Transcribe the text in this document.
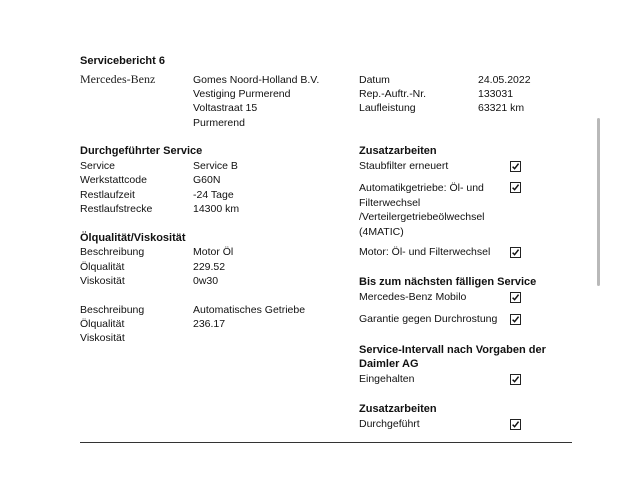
Servicebericht 6
Mercedes-Benz	Gomes Noord-Holland B.V.
Vestiging Purmerend
Voltastraat 15
Purmerend
Datum	24.05.2022
Rep.-Auftr.-Nr.	133031
Laufleistung	63321 km
Durchgeführter Service
Service	Service B
Werkstattcode	G60N
Restlaufzeit	-24 Tage
Restlaufstrecke	14300 km
Ölqualität/Viskosität
Beschreibung	Motor Öl
Ölqualität	229.52
Viskosität	0w30
Beschreibung	Automatisches Getriebe
Ölqualität	236.17
Viskosität
Zusatzarbeiten
Staubfilter erneuert
Automatikgetriebe: Öl- und Filterwechsel /Verteilergetriebeölwechsel (4MATIC)
Motor: Öl- und Filterwechsel
Bis zum nächsten fälligen Service
Mercedes-Benz Mobilo
Garantie gegen Durchrostung
Service-Intervall nach Vorgaben der Daimler AG
Eingehalten
Zusatzarbeiten
Durchgeführt
